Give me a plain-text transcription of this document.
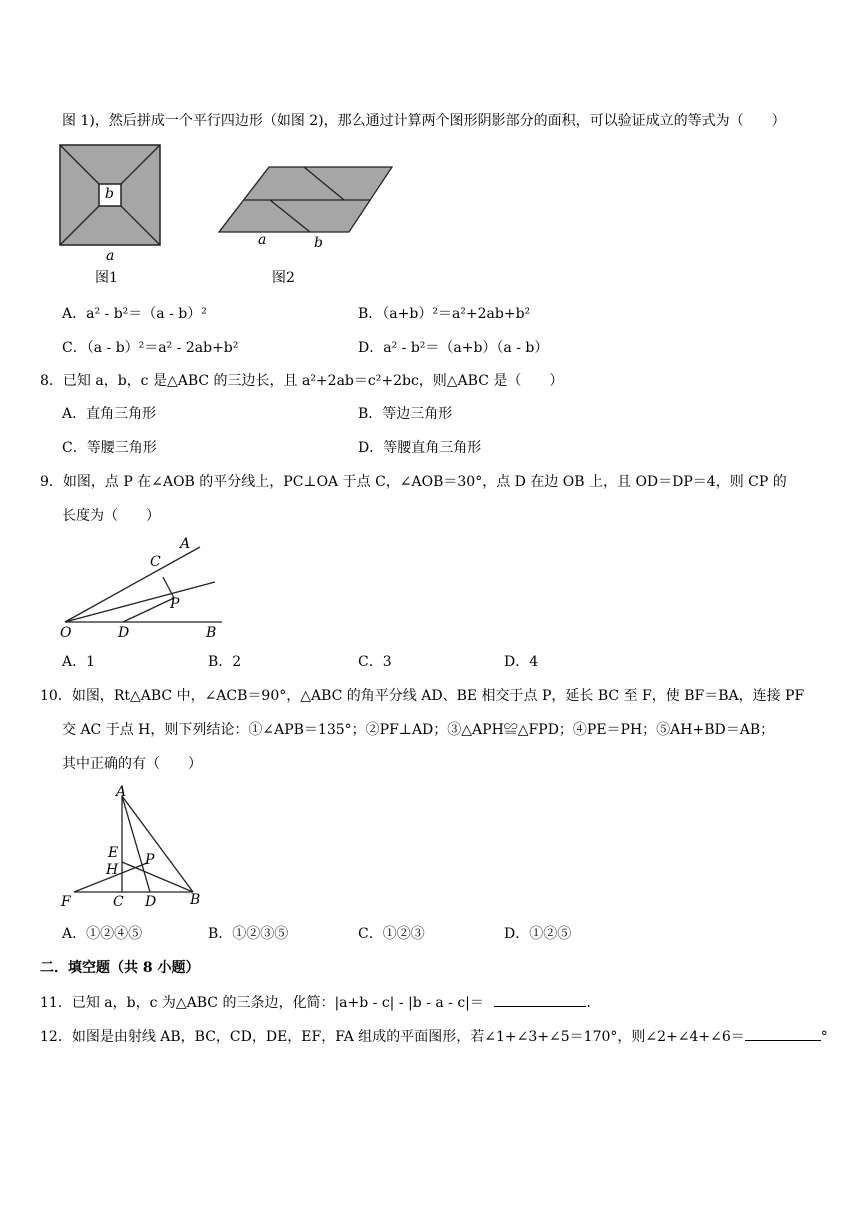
图 1)，然后拼成一个平行四边形（如图 2)，那么通过计算两个图形阴影部分的面积，可以验证成立的等式为（　　）
b
a
图1
a	b
图2
A．a² - b²＝（a - b）²	B．（a+b）²＝a²+2ab+b²
C．（a - b）²＝a² - 2ab+b²	D．a² - b²＝（a+b）（a - b）
8．已知 a，b，c 是△ABC 的三边长，且 a²+2ab＝c²+2bc，则△ABC 是（　　）
A．直角三角形	B．等边三角形
C．等腰三角形	D．等腰直角三角形
9．如图，点 P 在∠AOB 的平分线上，PC⊥OA 于点 C，∠AOB＝30°，点 D 在边 OB 上，且 OD＝DP＝4，则 CP 的
长度为（　　）
A
C
P
O	D	B
A．1	B．2	C．3	D．4
10．如图，Rt△ABC 中，∠ACB＝90°，△ABC 的角平分线 AD、BE 相交于点 P，延长 BC 至 F，使 BF＝BA，连接 PF
交 AC 于点 H，则下列结论：①∠APB＝135°；②PF⊥AD；③△APH≌△FPD；④PE＝PH；⑤AH+BD＝AB；
其中正确的有（　　）
A
E P
H
F	C D B
A．①②④⑤	B．①②③⑤	C．①②③	D．①②⑤
二．填空题（共 8 小题）
11．已知 a，b，c 为△ABC 的三条边，化简：|a+b - c| - |b - a - c|＝	.
12．如图是由射线 AB，BC，CD，DE，EF，FA 组成的平面图形，若∠1+∠3+∠5＝170°，则∠2+∠4+∠6＝	°
